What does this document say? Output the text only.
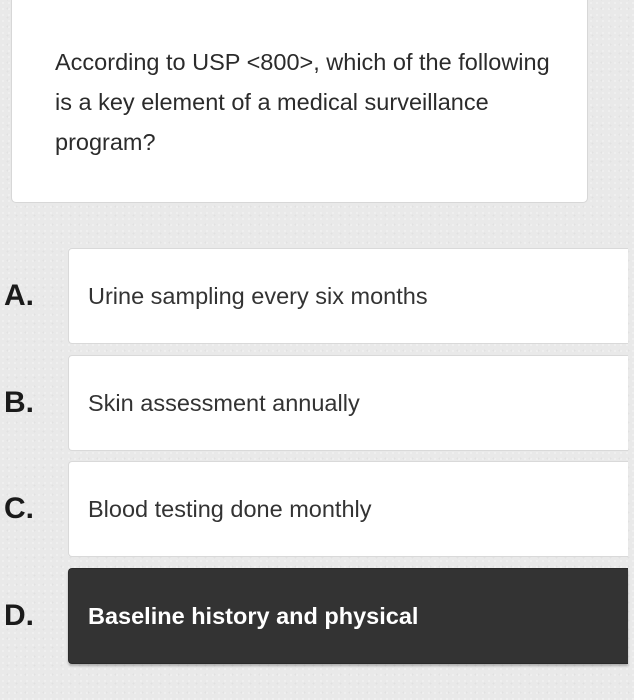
According to USP <800>, which of the following is a key element of a medical surveillance program?

A. Urine sampling every six months
B. Skin assessment annually
C. Blood testing done monthly
D. Baseline history and physical
